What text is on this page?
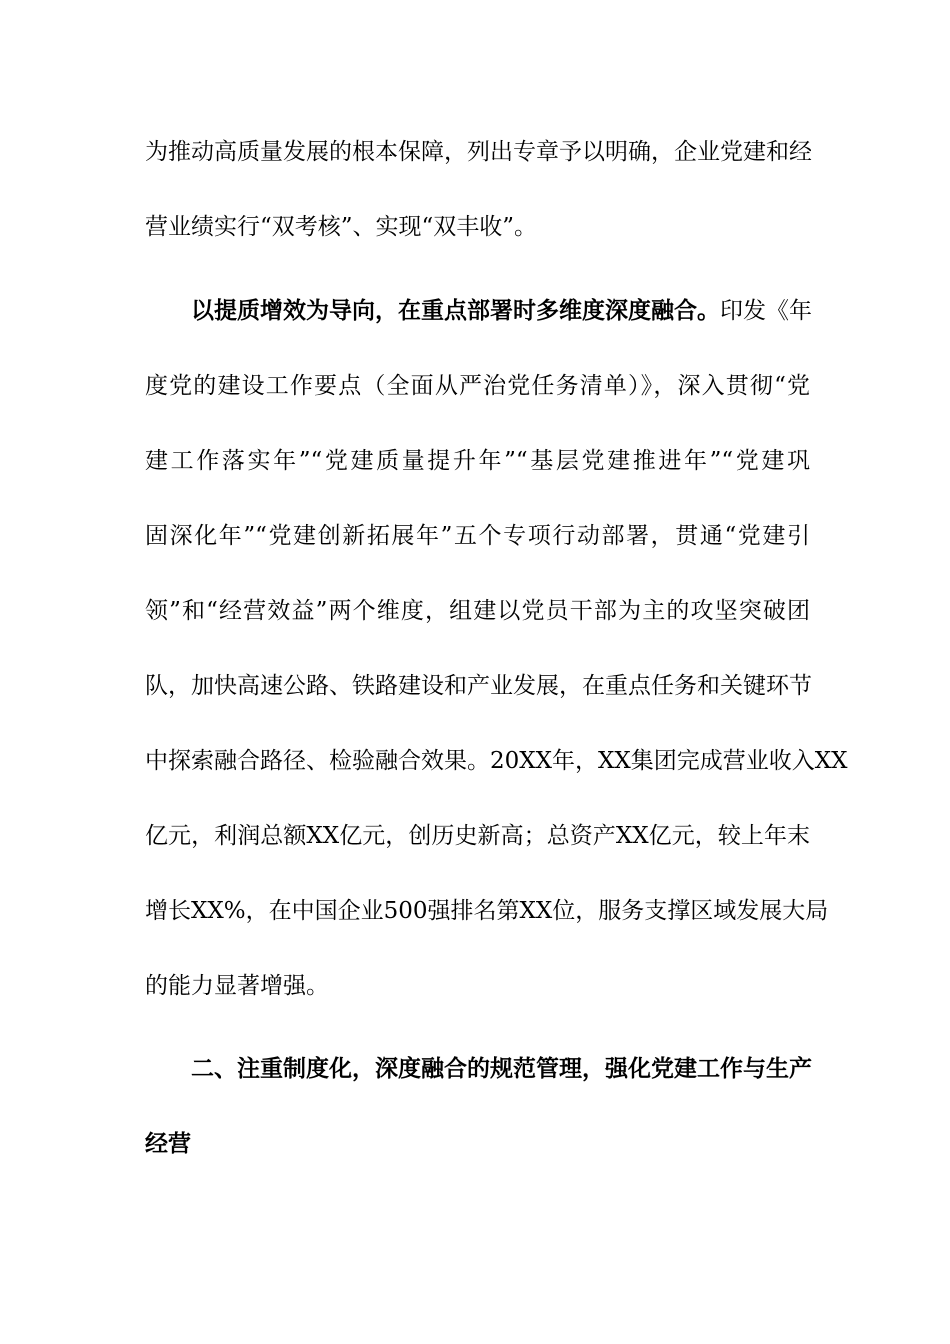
为推动高质量发展的根本保障，列出专章予以明确，企业党建和经

营业绩实行“双考核”、实现“双丰收”。

以提质增效为导向，在重点部署时多维度深度融合。印发《年

度党的建设工作要点（全面从严治党任务清单）》，深入贯彻“党

建工作落实年”“党建质量提升年”“基层党建推进年”“党建巩

固深化年”“党建创新拓展年”五个专项行动部署，贯通“党建引

领”和“经营效益”两个维度，组建以党员干部为主的攻坚突破团

队，加快高速公路、铁路建设和产业发展，在重点任务和关键环节

中探索融合路径、检验融合效果。20XX年，XX集团完成营业收入XX

亿元，利润总额XX亿元，创历史新高；总资产XX亿元，较上年末

增长XX%，在中国企业500强排名第XX位，服务支撑区域发展大局

的能力显著增强。

二、注重制度化，深度融合的规范管理，强化党建工作与生产

经营
